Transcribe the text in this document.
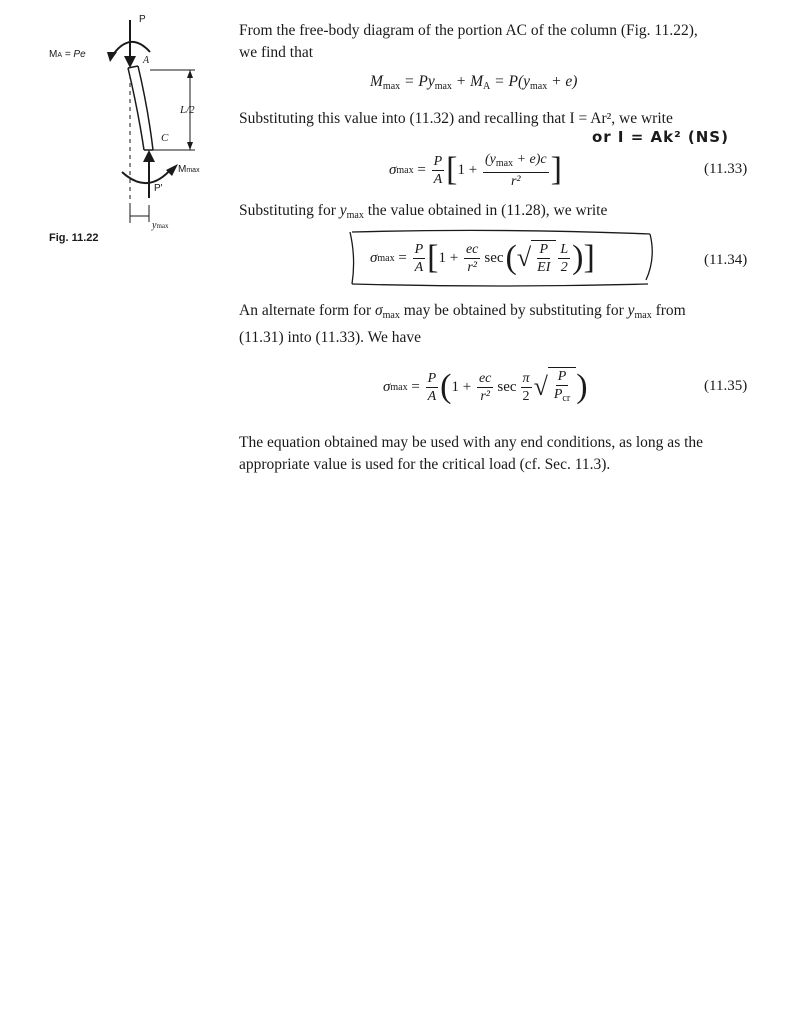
P
MA = Pe
A
L/2
C
Mmax
P'
ymax
Fig. 11.22
From the free-body diagram of the portion AC of the column (Fig. 11.22),
we find that
$M_{max} = Py_{max} + M_A = P(y_{max} + e)$
Substituting this value into (11.32) and recalling that I = Ar², we write
or I = Ak² (NS)
σ $\max = \frac{P}{A}$ [ $1 + \frac{(y_{max} + e)c}{\text{r²}}$ ]	(11.33)
Substituting for $y_{max}$ the value obtained in (11.28), we write
σ $\max = \frac{P}{A}$ [ $1 + \frac{ec}{\text{r²}}$ sec ( √ $\frac{P}{EI} \frac{L}{2}$ ) ]	(11.34)
An alternate form for $\sigma_{max}$ may be obtained by substituting for $y_{max}$ from
(11.31) into (11.33). We have
σ $\max = \frac{P}{A}$ ( $1 + \frac{ec}{\text{r²}}$ $\sec \frac{\pi}{2}$ √ $\frac{P}{P_{cr}}$ )	(11.35)
The equation obtained may be used with any end conditions, as long as the
appropriate value is used for the critical load (cf. Sec. 11.3).
